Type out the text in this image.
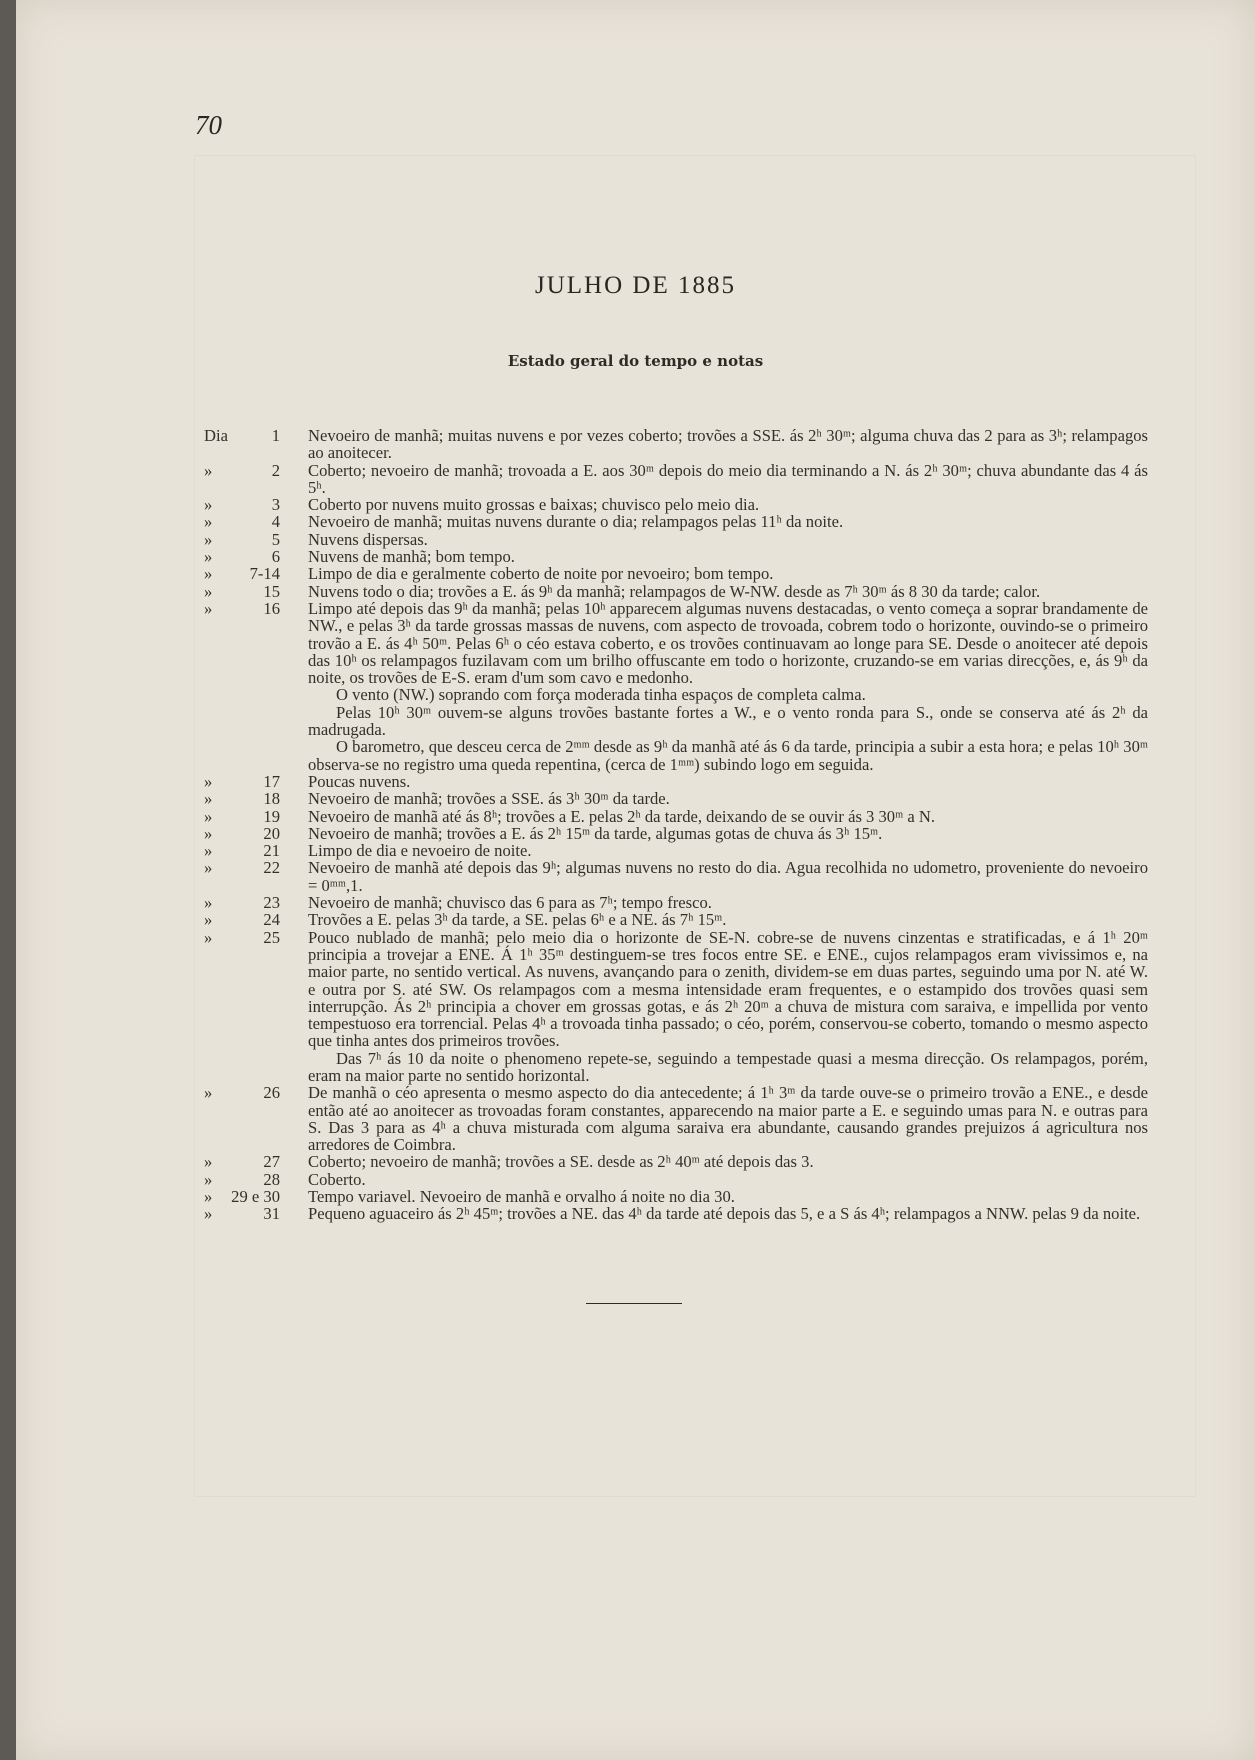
70
JULHO DE 1885
Estado geral do tempo e notas
Dia	1 Nevoeiro de manhã; muitas nuvens e por vezes coberto; trovões a SSE. ás 2ʰ 30ᵐ; alguma chuva das 2 para as 3ʰ; relampagos ao anoitecer.
»	2 Coberto; nevoeiro de manhã; trovoada a E. aos 30ᵐ depois do meio dia terminando a N. ás 2ʰ 30ᵐ; chuva abundante das 4 ás 5ʰ.
»	3 Coberto por nuvens muito grossas e baixas; chuvisco pelo meio dia.
»	4 Nevoeiro de manhã; muitas nuvens durante o dia; relampagos pelas 11ʰ da noite.
»	5 Nuvens dispersas.
»	6 Nuvens de manhã; bom tempo.
» 7-14 Limpo de dia e geralmente coberto de noite por nevoeiro; bom tempo.
»	15 Nuvens todo o dia; trovões a E. ás 9ʰ da manhã; relampagos de W-NW. desde as 7ʰ 30ᵐ ás 8 30 da tarde; calor.
»	16 Limpo até depois das 9ʰ da manhã; pelas 10ʰ apparecem algumas nuvens destacadas, o vento começa a soprar brandamente de NW., e pelas 3ʰ da tarde grossas massas de nuvens, com aspecto de trovoada, cobrem todo o horizonte, ouvindo-se o primeiro trovão a E. ás 4ʰ 50ᵐ. Pelas 6ʰ o céo estava coberto, e os trovões continuavam ao longe para SE. Desde o anoitecer até depois das 10ʰ os relampagos fuzilavam com um brilho offuscante em todo o horizonte, cruzando-se em varias direcções, e, ás 9ʰ da noite, os trovões de E-S. eram d'um som cavo e medonho.
O vento (NW.) soprando com força moderada tinha espaços de completa calma.
Pelas 10ʰ 30ᵐ ouvem-se alguns trovões bastante fortes a W., e o vento ronda para S., onde se conserva até ás 2ʰ da madrugada.
O barometro, que desceu cerca de 2ᵐᵐ desde as 9ʰ da manhã até ás 6 da tarde, principia a subir a esta hora; e pelas 10ʰ 30ᵐ observa-se no registro uma queda repentina, (cerca de 1ᵐᵐ) subindo logo em seguida.
»	17 Poucas nuvens.
»	18 Nevoeiro de manhã; trovões a SSE. ás 3ʰ 30ᵐ da tarde.
»	19 Nevoeiro de manhã até ás 8ʰ; trovões a E. pelas 2ʰ da tarde, deixando de se ouvir ás 3 30ᵐ a N.
»	20 Nevoeiro de manhã; trovões a E. ás 2ʰ 15ᵐ da tarde, algumas gotas de chuva ás 3ʰ 15ᵐ.
»	21 Limpo de dia e nevoeiro de noite.
»	22 Nevoeiro de manhã até depois das 9ʰ; algumas nuvens no resto do dia. Agua recolhida no udometro, proveniente do nevoeiro = 0ᵐᵐ,1.
»	23 Nevoeiro de manhã; chuvisco das 6 para as 7ʰ; tempo fresco.
»	24 Trovões a E. pelas 3ʰ da tarde, a SE. pelas 6ʰ e a NE. ás 7ʰ 15ᵐ.
»	25 Pouco nublado de manhã; pelo meio dia o horizonte de SE-N. cobre-se de nuvens cinzentas e stratificadas, e á 1ʰ 20ᵐ principia a trovejar a ENE. Á 1ʰ 35ᵐ destinguem-se tres focos entre SE. e ENE., cujos relampagos eram vivissimos e, na maior parte, no sentido vertical. As nuvens, avançando para o zenith, dividem-se em duas partes, seguindo uma por N. até W. e outra por S. até SW. Os relampagos com a mesma intensidade eram frequentes, e o estampido dos trovões quasi sem interrupção. Ás 2ʰ principia a chover em grossas gotas, e ás 2ʰ 20ᵐ a chuva de mistura com saraiva, e impellida por vento tempestuoso era torrencial. Pelas 4ʰ a trovoada tinha passado; o céo, porém, conservou-se coberto, tomando o mesmo aspecto que tinha antes dos primeiros trovões.
Das 7ʰ ás 10 da noite o phenomeno repete-se, seguindo a tempestade quasi a mesma direcção. Os relampagos, porém, eram na maior parte no sentido horizontal.
»	26 De manhã o céo apresenta o mesmo aspecto do dia antecedente; á 1ʰ 3ᵐ da tarde ouve-se o primeiro trovão a ENE., e desde então até ao anoitecer as trovoadas foram constantes, apparecendo na maior parte a E. e seguindo umas para N. e outras para S. Das 3 para as 4ʰ a chuva misturada com alguma saraiva era abundante, causando grandes prejuizos á agricultura nos arredores de Coimbra.
»	27 Coberto; nevoeiro de manhã; trovões a SE. desde as 2ʰ 40ᵐ até depois das 3.
»	28 Coberto.
» 29 e 30 Tempo variavel. Nevoeiro de manhã e orvalho á noite no dia 30.
»	31 Pequeno aguaceiro ás 2ʰ 45ᵐ; trovões a NE. das 4ʰ da tarde até depois das 5, e a S ás 4ʰ; relampagos a NNW. pelas 9 da noite.
